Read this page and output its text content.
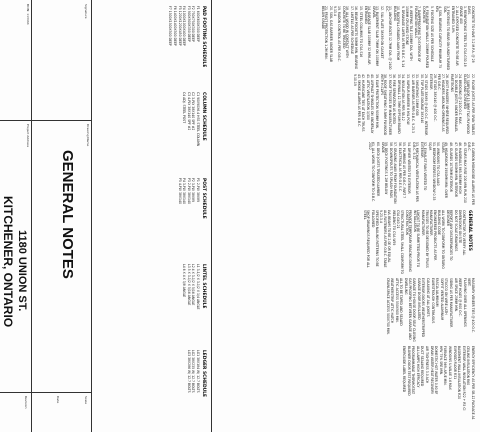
CONCRETE TO HAVE 3.2 M.P.A. @ 28 DAYS.

1. REINFORCING STEEL TO CSA G30.18 GRADE 400

2. ALL EXPOSED CONCRETE TO BE AIR ENTRAINED 5-8%

3. FOOTINGS TO BEAR ON UNDISTURBED SOIL

4. SOIL BEARING CAPACITY MINIMUM 75 KPA

5. FOOTING SIZE AS PER SCHEDULE

6. FOUNDATION WALLS 200MM POURED CONCRETE

7. DAMPPROOFING TO EXTERIOR OF FOUNDATION WALLS

8. WEEPING TILE 100MM DIA. WITH 150MM CRUSHED STONE

9. DRAINAGE LAYER AS PER O.B.C. 9.14

10. BACKFILL GRADED AWAY FROM BUILDING

11. ANCHOR BOLTS 12.7MM DIA. @ 2400 O.C.

12. SILL PLATE 38X89 ON GASKET

13. BASEMENT SLAB 75MM ON 100MM GRAVEL

14. GARAGE SLAB 100MM 32 MPA AIR ENTRAINED

15. STEEL COLUMNS TO CSA S16

16. BEAM POCKETS 90MM MIN. BEARING

17. LINTELS AS PER SCHEDULE

18. ALL WOOD IN CONTACT WITH CONCRETE TO BE TREATED

19. RADON CONTROL AS PER O.B.C. 9.13.4

20. SOIL GAS BARRIER UNDER SLAB

21. FROST PROTECTION 1.2M MIN. BELOW GRADE

22. FLOOR JOISTS AS PER SPAN TABLES

23. SUBFLOOR 15.9MM T&G PLYWOOD GLUED AND SCREWED

24. BRIDGING @ 2100 O.C. MAX.

25. DOUBLE JOISTS UNDER PARALLEL PARTITIONS

26. JOIST HANGERS WHERE REQUIRED

27. HEADERS AROUND OPENINGS AS PER O.B.C.

28. STUDS 38X140 @ 400 O.C. EXTERIOR

29. STUDS 38X89 @ 400 O.C. INTERIOR

30. TOP PLATE DOUBLE 38X140

31. SHEATHING 11MM OSB

32. AIR BARRIER AS PER O.B.C. 9.25.3

33. VAPOUR BARRIER 6 MIL POLY

34. INSULATION AS PER SB-12

35. DRYWALL 12.7MM GYPSUM BOARD

36. FIRE SEPARATION AS NOTED

37. ROOF TRUSSES BY MANUFACTURER

38. ROOF SHEATHING 9.5MM PLYWOOD WITH H-CLIPS

39. EAVE PROTECTION 900MM MIN.

40. ASPHALT SHINGLES ON UNDERLAY

41. ATTIC VENTILATION 1/300

42. HURRICANE TIES AT EACH TRUSS

43. SMOKE ALARMS AS PER O.B.C. 9.10.19

44. CARBON MONOXIDE ALARMS AS PER O.B.C.

45. STAIRS MAX RISE 200 MIN RUN 210

46. HANDRAILS 865-965MM HIGH

47. GUARDS 900MM MIN. INTERIOR

48. GUARDS 1070MM EXTERIOR

49. HEADROOM 1950MM MIN. OVER STAIRS

50. WINDOWS TO CSA A440

51. BEDROOM EGRESS WINDOW 0.35 SQ.M.

52. EXHAUST FANS VENTED TO EXTERIOR

53. MECHANICAL VENTILATION AS PER O.B.C. 9.32

54. DRYER VENTED TO EXTERIOR

55. PLUMBING AS PER O.B.C. PART 7

56. ELECTRICAL AS PER O.E.S.C.

57. GRADING AWAY FROM FOUNDATION

58. DOWNSPOUTS TO SPLASH PADS

59. DECK FOOTINGS 1.2M BELOW GRADE

60. DECK JOISTS TREATED LUMBER

61. ALL WORK TO CONFORM TO O.B.C. 2012

GENERAL NOTES

CONTRACTOR TO VERIFY ALL DIMENSIONS ON SITE

DO NOT SCALE DRAWINGS

REPORT ANY DISCREPANCIES TO DESIGNER

ALL WORK TO CONFORM TO ONTARIO BUILDING CODE

ENGINEERED PRODUCTS AS PER MANUFACTURER

TRUSSES TO BE DESIGNED BY TRUSS MANUFACTURER

LAYOUT TO BE SUBMITTED PRIOR TO INSTALLATION

PROVIDE TEMPORARY BRACING DURING CONSTRUCTION

STRUCTURAL STEEL SHALL CONFORM TO CSA G40.21

WELDING TO CSA W59

LVL BEAMS TO BE 2.0E OR EQUAL

ALL FASTENERS AS PER O.B.C. TABLE 9.23.3.4

SPECIFIED NAILING PATTERNS TO BE FOLLOWED

SHOP DRAWINGS REQUIRED FOR ALL STEEL

MASONRY VENEER TIES @ 400 O.C. VERT.

FLASHING OVER ALL OPENINGS

WEEP HOLES @ 800 O.C.

AIR SPACE 25MM MIN.

SIDING AS PER MANUFACTURER

STUCCO ON WIRE LATH

SOFFIT VENTED ALUMINUM

FASCIA ALUMINUM

EAVESTROUGH CONTINUOUS

CAULKING AT ALL JOINTS

EXTERIOR DOORS WEATHERSTRIPPED

GARAGE DOOR INSULATED

GARAGE TO HOUSE DOOR SELF CLOSING

GAS PROOFING BETWEEN GARAGE AND DWELLING

ALL TO BE TAPED AND SEALED

ATTIC ACCESS 550X900 MIN.

WEATHERSTRIP ATTIC HATCH

CRAWLSPACE ACCESS 500X700 MIN.

ENERGY EFFICIENCY AS PER SB-12 PACKAGE A1

CEILING INSULATION R60

EXTERIOR WALL INSULATION R22 + R5 CI

BASEMENT WALL INSULATION R20

EXPOSED FLOOR R31

WINDOWS U-VALUE 1.6 MAX

FURNACE 96% AFUE MIN.

HRV 75% SRE MIN.

DOMESTIC HOT WATER 0.80 EF

DRAIN WATER HEAT RECOVERY

AIR TIGHTNESS 3.0 ACH

DUCT SEALING REQUIRED

ALL LAMPS HIGH EFFICACY

PROGRAMMABLE THERMOSTAT

BLOWER DOOR TEST REQUIRED

ENERGUIDE LABEL REQUIRED

PAD FOOTING SCHEDULE

F1 600X600X300 DEEP

F2 750X750X300 DEEP

F3 900X900X350 DEEP

F4 1000X1000X400 DEEP

F5 1200X1200X450 DEEP

F6 1400X1400X500 DEEP

F7 1500X1500X500 DEEP

COLUMN SCHEDULE

C1 90X90X6.4 HSS STEEL COLUMN

C2 3-PLY 38X140 SPF #2

C3 4-PLY 38X140 SPF #2

C4 ADJ. STEEL POST

POST SCHEDULE

P1 2-PLY 38X89

P2 3-PLY 38X89

P3 2-PLY 38X140

P4 3-PLY 38X140

P5 4-PLY 38X140

LINTEL SCHEDULE

L1 3-1/2 X 3-1/2 X 1/4 ANGLE

L2 4 X 3-1/2 X 5/16 ANGLE

L3 5 X 3-1/2 X 5/16 ANGLE

L4 6 X 4 X 3/8 ANGLE

LEDGER SCHEDULE

LG1 38X184 W/ 12.7 BOLTS

LG2 38X235 W/ 12.7 BOLTS

LG3 38X286 W/ 12.7 BOLTS

Signature
BCIN: 113464
Drawing Name
GENERAL NOTES
Project Address
1180 UNION ST.
KITCHENER, ONTARIO
Scale
Date
Revision
